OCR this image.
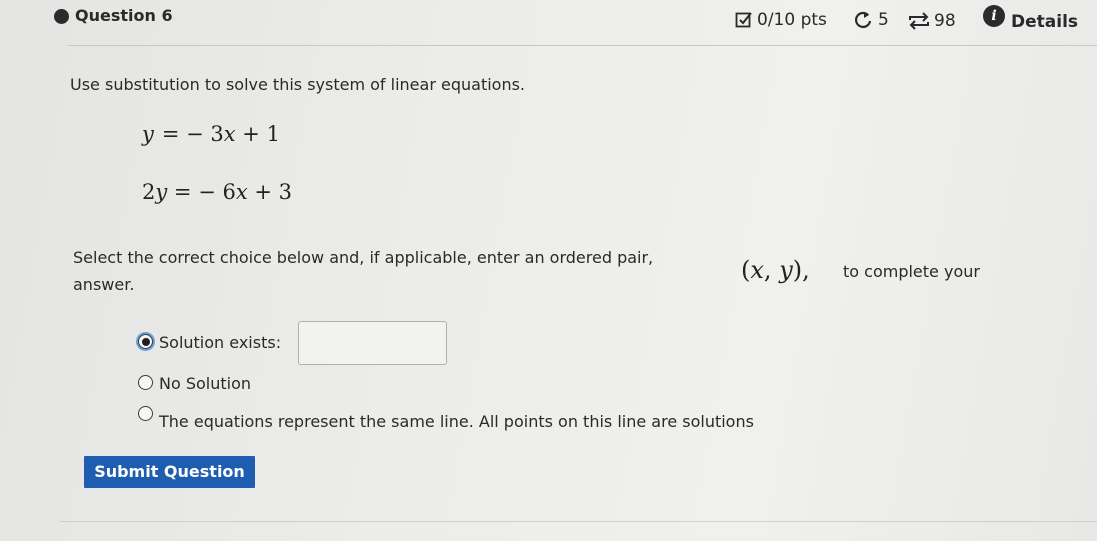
Question 6	0/10 pts	5	98	i Details
Use substitution to solve this system of linear equations.
y = − 3x + 1
2y = − 6x + 3
Select the correct choice below and, if applicable, enter an ordered pair,	(x, y), to complete your
answer.
Solution exists:
No Solution
The equations represent the same line. All points on this line are solutions
Submit Question
